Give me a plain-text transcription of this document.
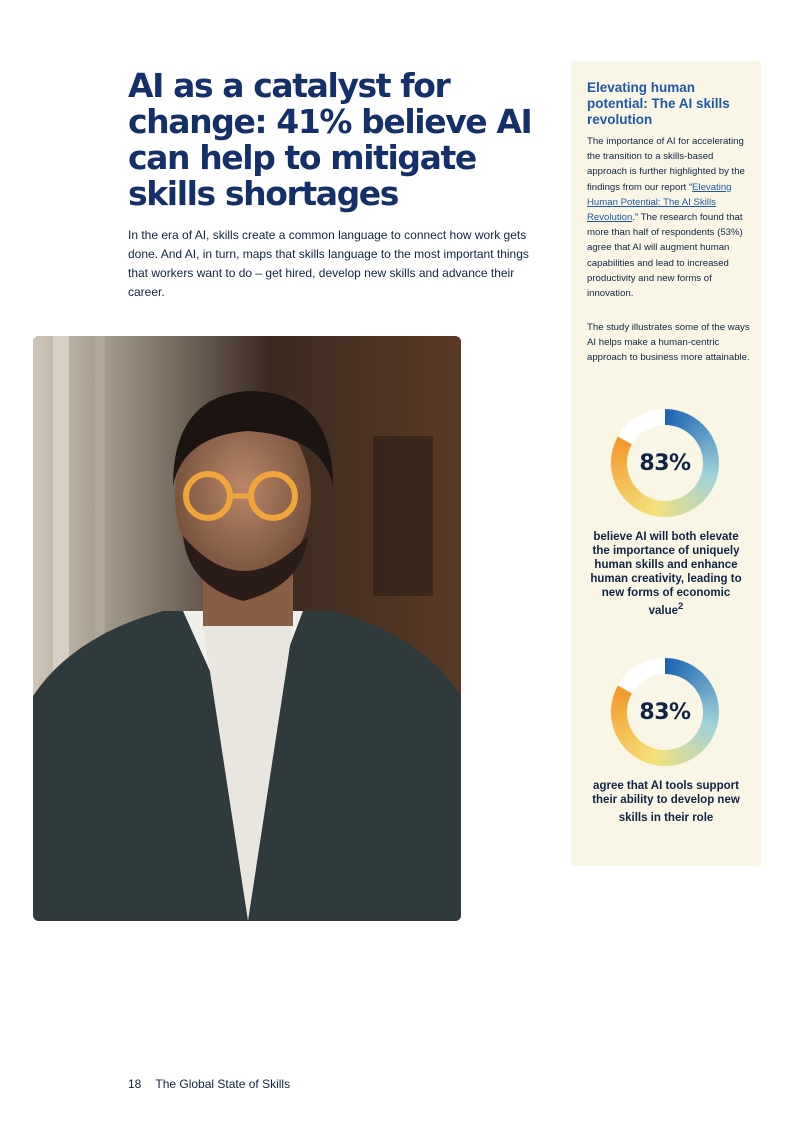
AI as a catalyst for change: 41% believe AI can help to mitigate skills shortages

In the era of AI, skills create a common language to connect how work gets done. And AI, in turn, maps that skills language to the most important things that workers want to do – get hired, develop new skills and advance their career.

Elevating human potential: The AI skills revolution

The importance of AI for accelerating the transition to a skills-based approach is further highlighted by the findings from our report “Elevating Human Potential: The AI Skills Revolution.” The research found that more than half of respondents (53%) agree that AI will augment human capabilities and lead to increased productivity and new forms of innovation.

The study illustrates some of the ways AI helps make a human-centric approach to business more attainable.

83%

believe AI will both elevate the importance of uniquely human skills and enhance human creativity, leading to new forms of economic value$^2$

83%

agree that AI tools support their ability to develop new skills in their role

18 The Global State of Skills
